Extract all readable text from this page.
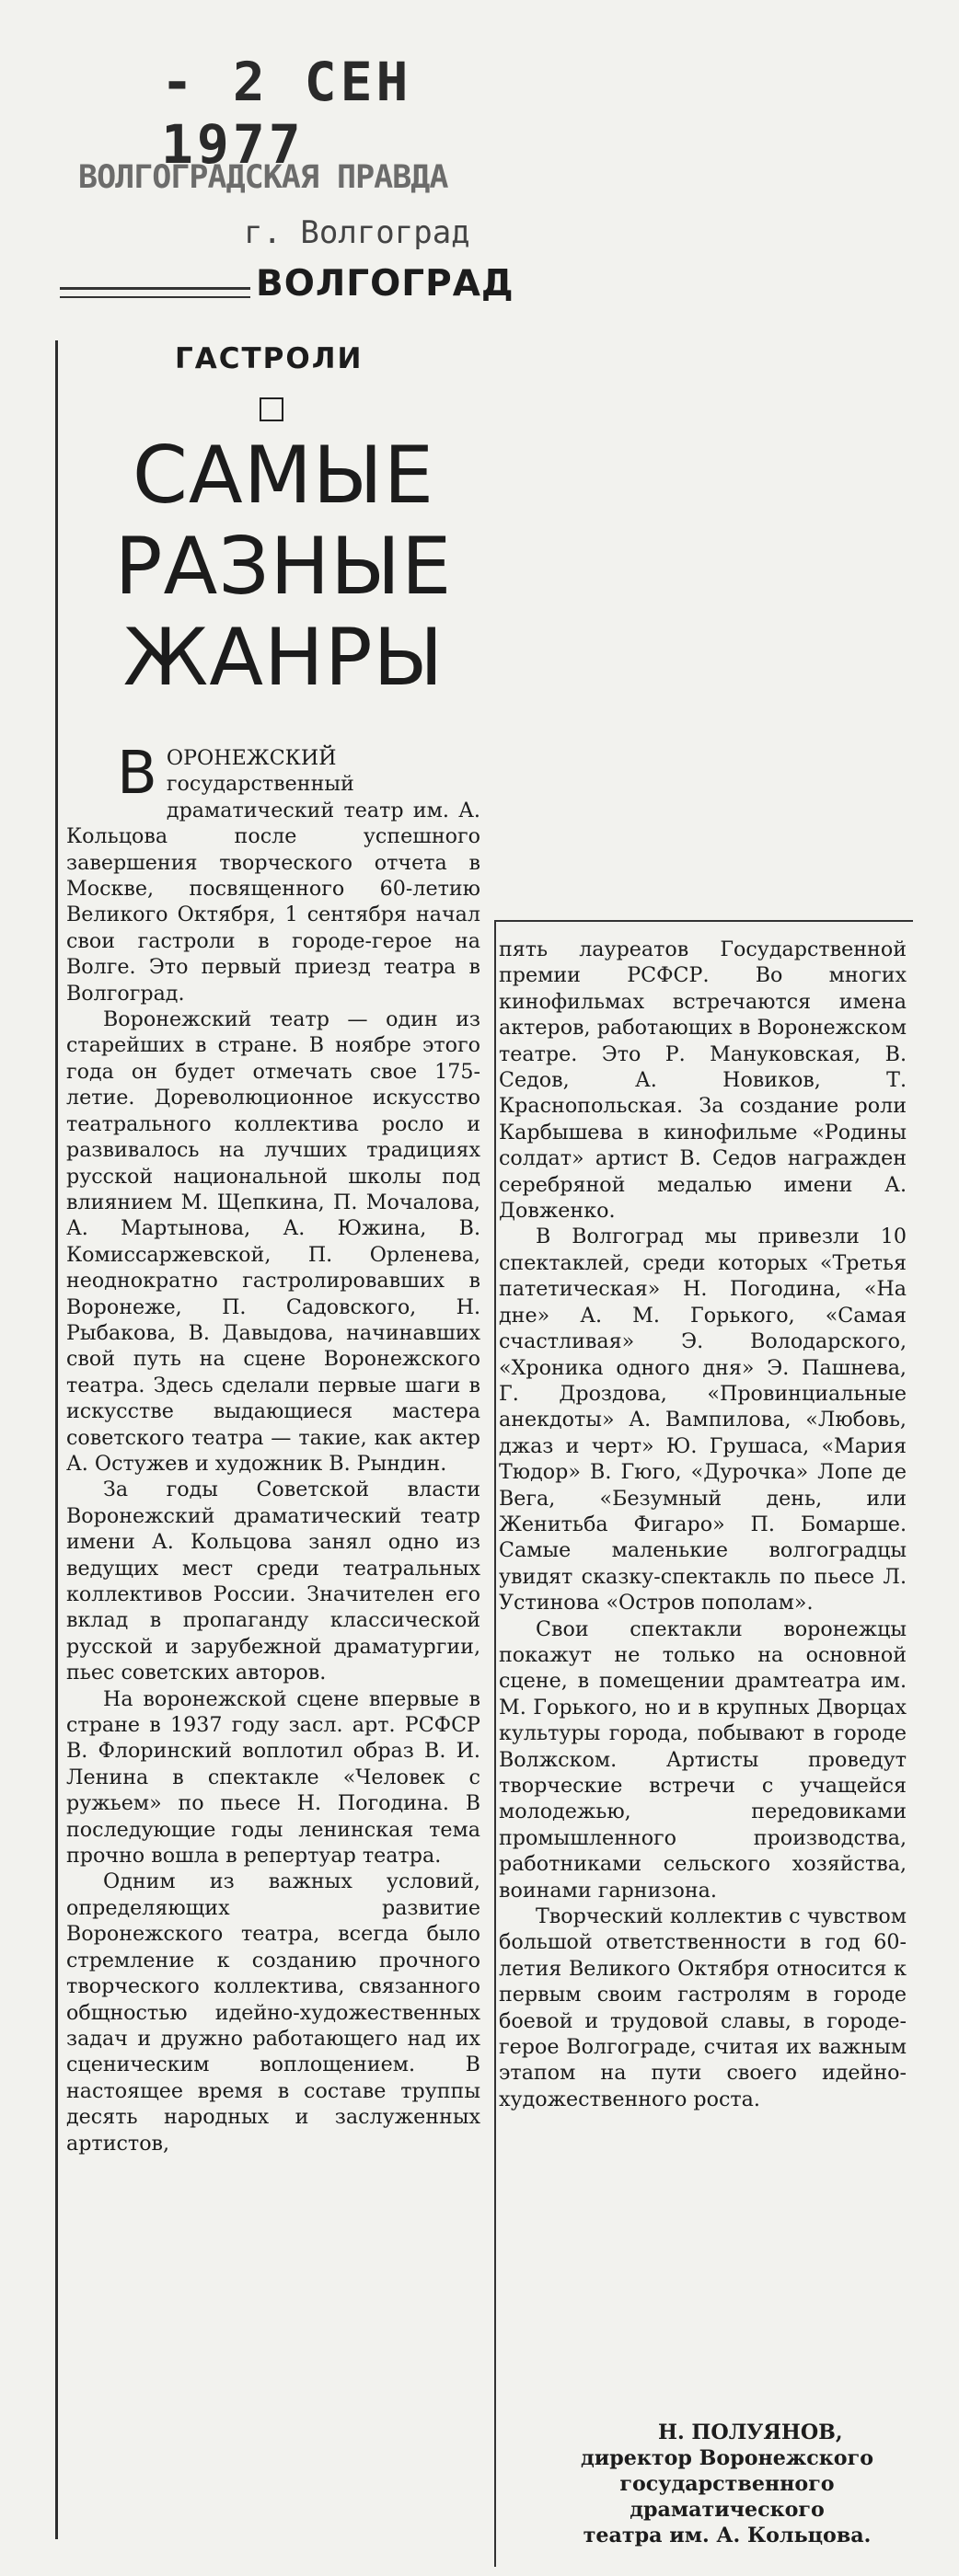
- 2 СЕН 1977
ВОЛГОГРАДСКАЯ ПРАВДА
г. Волгоград
ВОЛГОГРАД
ГАСТРОЛИ
САМЫЕ
РАЗНЫЕ
ЖАНРЫ

ВОРОНЕЖСКИЙ государственный драматический театр им. А. Кольцова после успешного завершения творческого отчета в Москве, посвященного 60-летию Великого Октября, 1 сентября начал свои гастроли в городе-герое на Волге. Это первый приезд театра в Волгоград.

Воронежский театр — один из старейших в стране. В ноябре этого года он будет отмечать свое 175-летие. Дореволюционное искусство театрального коллектива росло и развивалось на лучших традициях русской национальной школы под влиянием М. Щепкина, П. Мочалова, А. Мартынова, А. Южина, В. Комиссаржевской, П. Орленева, неоднократно гастролировавших в Воронеже, П. Садовского, Н. Рыбакова, В. Давыдова, начинавших свой путь на сцене Воронежского театра. Здесь сделали первые шаги в искусстве выдающиеся мастера советского театра — такие, как актер А. Остужев и художник В. Рындин.

За годы Советской власти Воронежский драматический театр имени А. Кольцова занял одно из ведущих мест среди театральных коллективов России. Значителен его вклад в пропаганду классической русской и зарубежной драматургии, пьес советских авторов.

На воронежской сцене впервые в стране в 1937 году засл. арт. РСФСР В. Флоринский воплотил образ В. И. Ленина в спектакле «Человек с ружьем» по пьесе Н. Погодина. В последующие годы ленинская тема прочно вошла в репертуар театра.

Одним из важных условий, определяющих развитие Воронежского театра, всегда было стремление к созданию прочного творческого коллектива, связанного общностью идейно-художественных задач и дружно работающего над их сценическим воплощением. В настоящее время в составе труппы десять народных и заслуженных артистов,

пять лауреатов Государственной премии РСФСР. Во многих кинофильмах встречаются имена актеров, работающих в Воронежском театре. Это Р. Мануковская, В. Седов, А. Новиков, Т. Краснопольская. За создание роли Карбышева в кинофильме «Родины солдат» артист В. Седов награжден серебряной медалью имени А. Довженко.

В Волгоград мы привезли 10 спектаклей, среди которых «Третья патетическая» Н. Погодина, «На дне» А. М. Горького, «Самая счастливая» Э. Володарского, «Хроника одного дня» Э. Пашнева, Г. Дроздова, «Провинциальные анекдоты» А. Вампилова, «Любовь, джаз и черт» Ю. Грушаса, «Мария Тюдор» В. Гюго, «Дурочка» Лопе де Вега, «Безумный день, или Женитьба Фигаро» П. Бомарше. Самые маленькие волгоградцы увидят сказку-спектакль по пьесе Л. Устинова «Остров пополам».

Свои спектакли воронежцы покажут не только на основной сцене, в помещении драмтеатра им. М. Горького, но и в крупных Дворцах культуры города, побывают в городе Волжском. Артисты проведут творческие встречи с учащейся молодежью, передовиками промышленного производства, работниками сельского хозяйства, воинами гарнизона.

Творческий коллектив с чувством большой ответственности в год 60-летия Великого Октября относится к первым своим гастролям в городе боевой и трудовой славы, в городе-герое Волгограде, считая их важным этапом на пути своего идейно-художественного роста.

Н. ПОЛУЯНОВ,
директор Воронежского
государственного
драматического
театра им. А. Кольцова.
